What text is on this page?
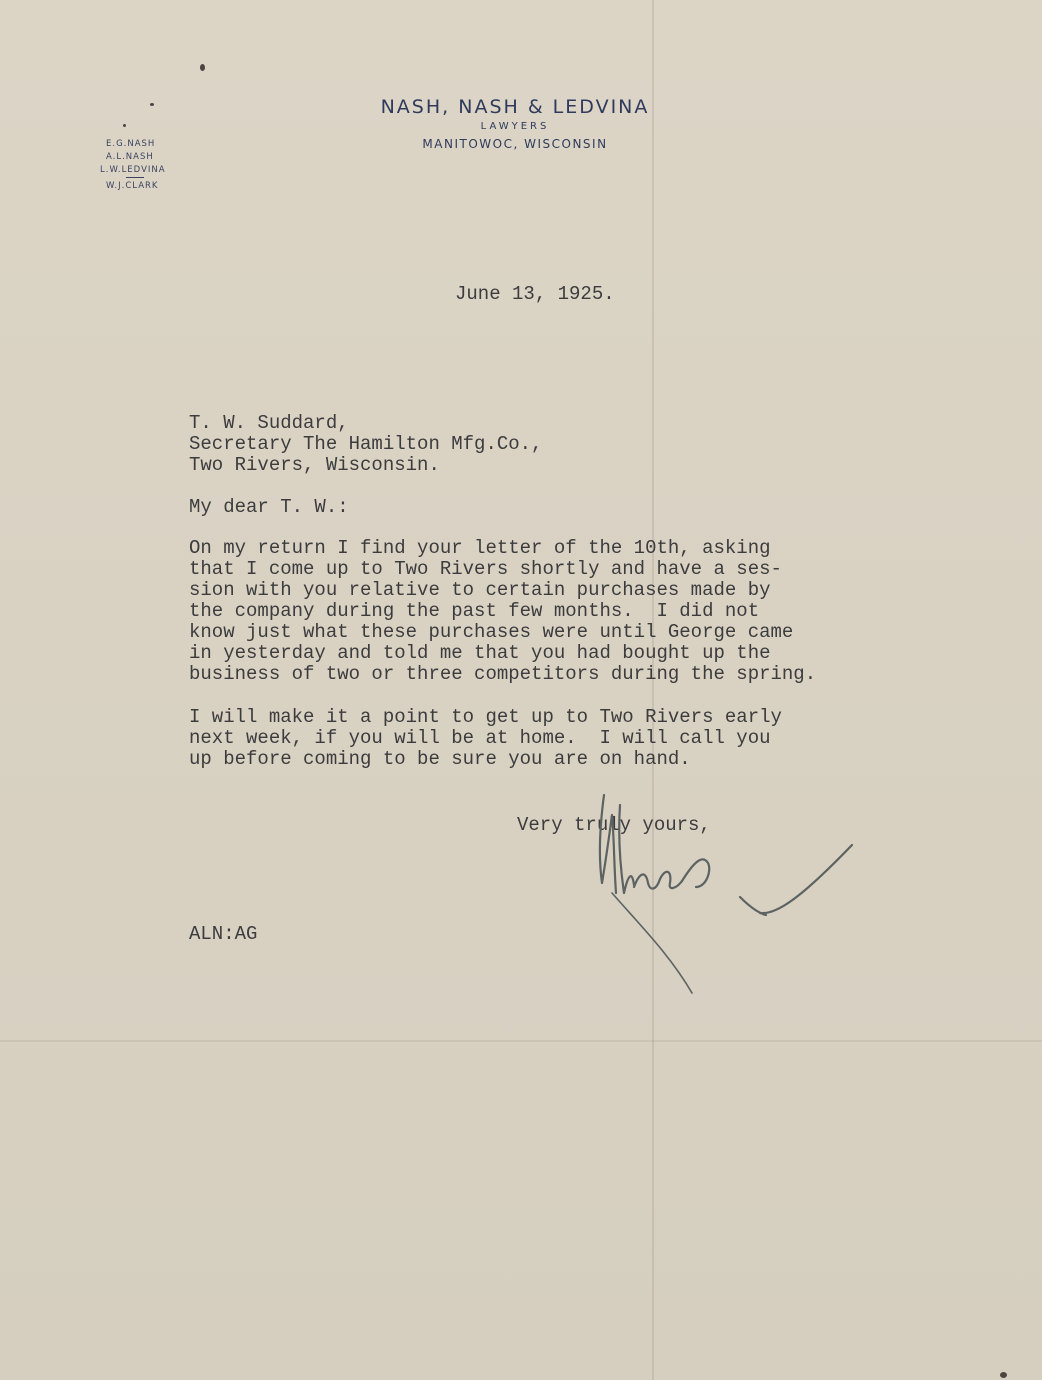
NASH, NASH & LEDVINA
LAWYERS
MANITOWOC, WISCONSIN
E.G.NASH
A.L.NASH
L.W.LEDVINA
W.J.CLARK
June 13, 1925.
T. W. Suddard,
Secretary The Hamilton Mfg.Co.,
Two Rivers, Wisconsin.
My dear T. W.:
On my return I find your letter of the 10th, asking
that I come up to Two Rivers shortly and have a ses-
sion with you relative to certain purchases made by
the company during the past few months.  I did not
know just what these purchases were until George came
in yesterday and told me that you had bought up the
business of two or three competitors during the spring.
I will make it a point to get up to Two Rivers early
next week, if you will be at home.  I will call you
up before coming to be sure you are on hand.
Very truly yours,
ALN:AG
